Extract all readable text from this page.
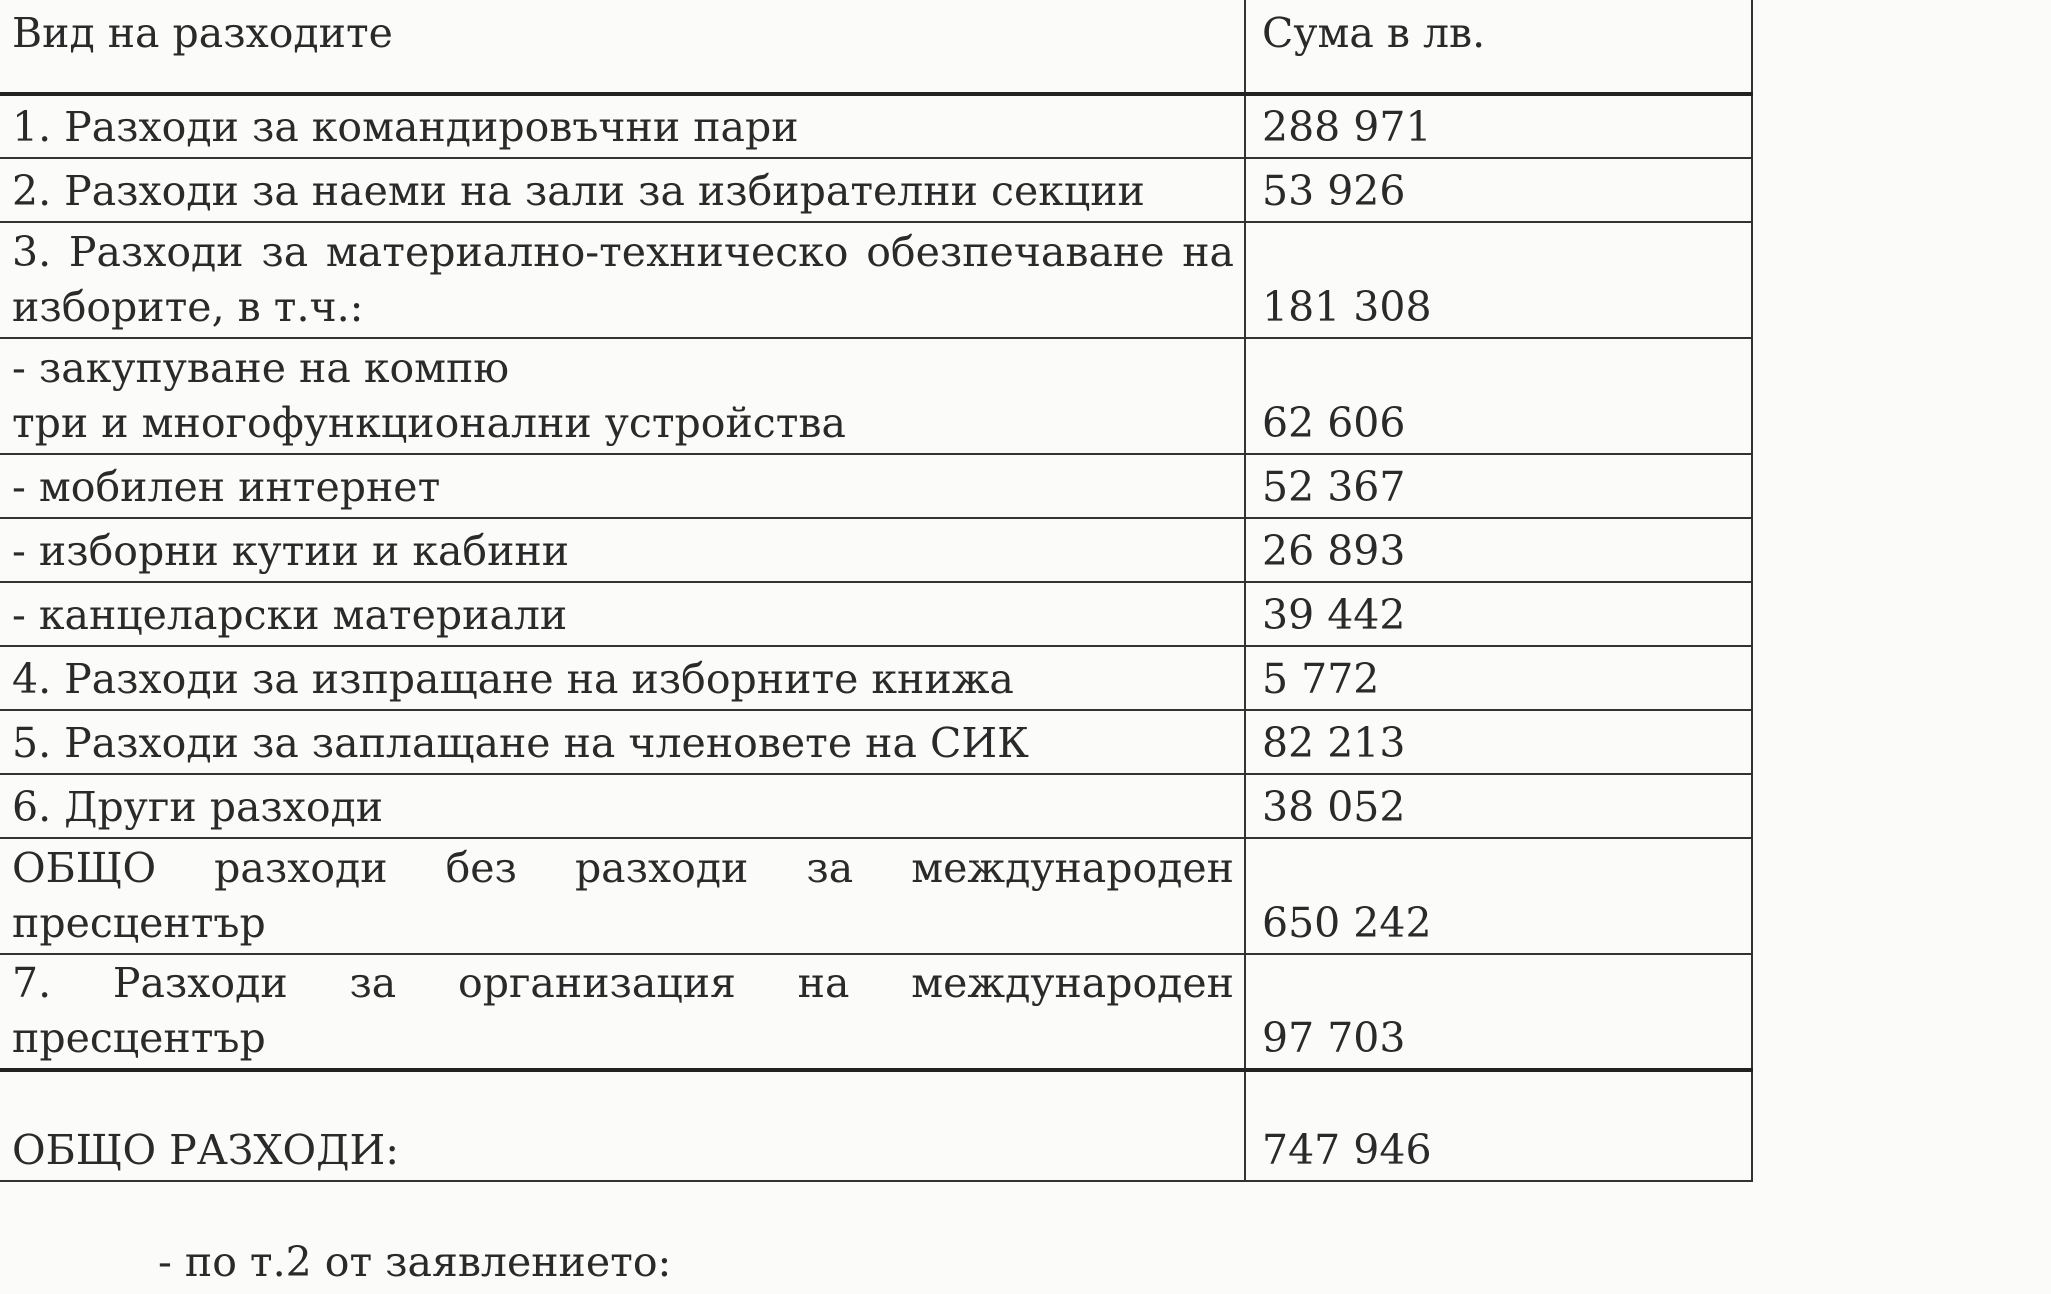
Вид на разходите	Сума в лв.
1. Разходи за командировъчни пари	288 971
2. Разходи за наеми на зали за избирателни секции	53 926
3. Разходи за материално-техническо обезпечаване на изборите, в т.ч.:	181 308

- закупуване на компю
три и многофункционални устройства	62 606
- мобилен интернет	52 367
- изборни кутии и кабини	26 893
- канцеларски материали	39 442
4. Разходи за изпращане на изборните книжа	5 772
5. Разходи за заплащане на членовете на СИК	82 213
6. Други разходи	38 052
ОБЩО разходи без разходи за международен пресцентър	650 242
7. Разходи за организация на международен пресцентър	97 703
ОБЩО РАЗХОДИ:	747 946
- по т.2 от заявлението:
